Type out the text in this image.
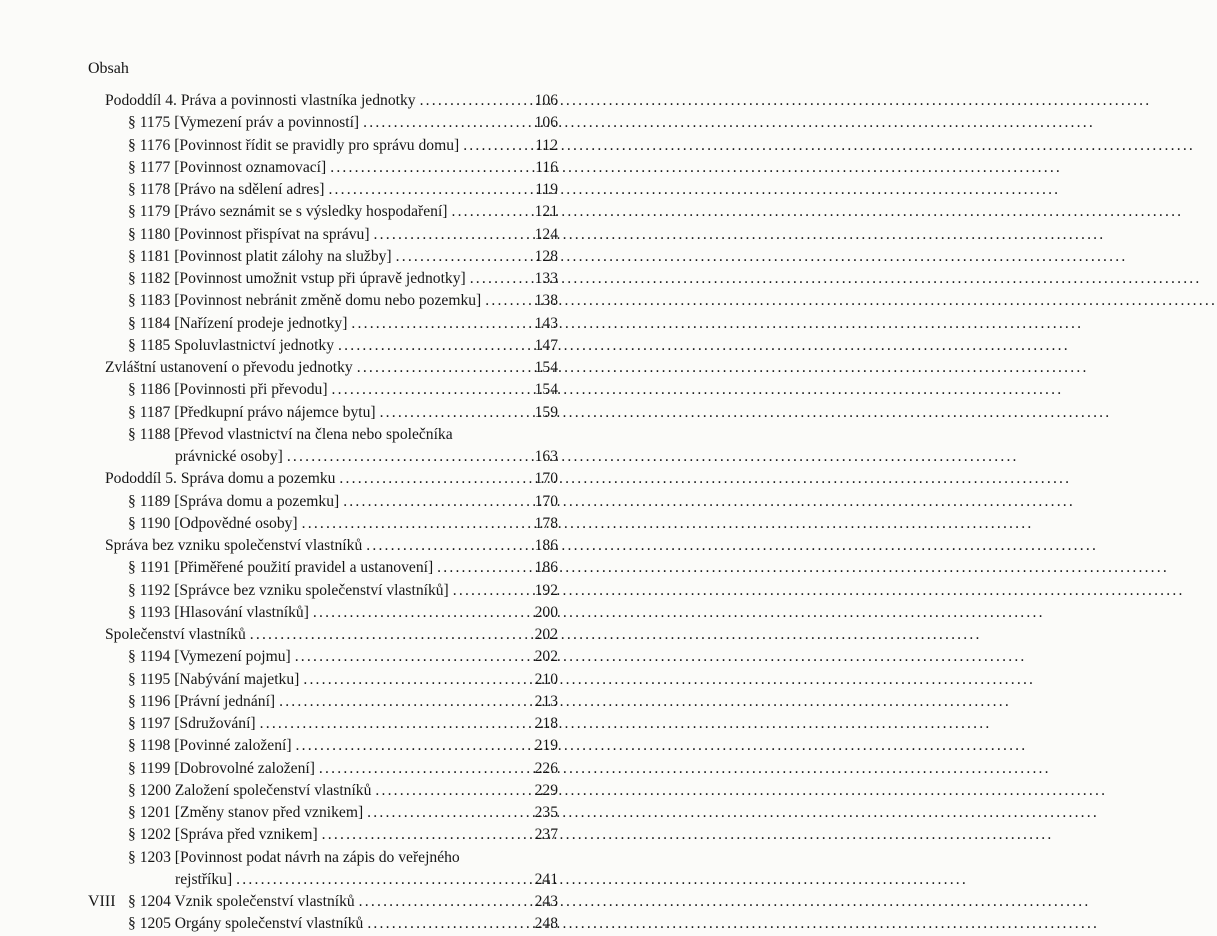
Obsah
Pododdíl 4. Práva a povinnosti vlastníka jednotky .....	106
§ 1175 [Vymezení práv a povinností] .....	106
§ 1176 [Povinnost řídit se pravidly pro správu domu] .....	112
§ 1177 [Povinnost oznamovací] .....	116
§ 1178 [Právo na sdělení adres] .....	119
§ 1179 [Právo seznámit se s výsledky hospodaření] .....	121
§ 1180 [Povinnost přispívat na správu] .....	124
§ 1181 [Povinnost platit zálohy na služby] .....	128
§ 1182 [Povinnost umožnit vstup při úpravě jednotky] .....	133
§ 1183 [Povinnost nebránit změně domu nebo pozemku] .....	138
§ 1184 [Nařízení prodeje jednotky] .....	143
§ 1185 Spoluvlastnictví jednotky .....	147
Zvláštní ustanovení o převodu jednotky .....	154
§ 1186 [Povinnosti při převodu] .....	154
§ 1187 [Předkupní právo nájemce bytu] .....	159
§ 1188 [Převod vlastnictví na člena nebo společníka
právnické osoby] .....	163
Pododdíl 5. Správa domu a pozemku .....	170
§ 1189 [Správa domu a pozemku] .....	170
§ 1190 [Odpovědné osoby] .....	178
Správa bez vzniku společenství vlastníků .....	186
§ 1191 [Přiměřené použití pravidel a ustanovení] .....	186
§ 1192 [Správce bez vzniku společenství vlastníků] .....	192
§ 1193 [Hlasování vlastníků] .....	200
Společenství vlastníků .....	202
§ 1194 [Vymezení pojmu] .....	202
§ 1195 [Nabývání majetku] .....	210
§ 1196 [Právní jednání] .....	213
§ 1197 [Sdružování] .....	218
§ 1198 [Povinné založení] .....	219
§ 1199 [Dobrovolné založení] .....	226
§ 1200 Založení společenství vlastníků .....	229
§ 1201 [Změny stanov před vznikem] .....	235
§ 1202 [Správa před vznikem] .....	237
§ 1203 [Povinnost podat návrh na zápis do veřejného
rejstříku] .....	241
§ 1204 Vznik společenství vlastníků .....	243
§ 1205 Orgány společenství vlastníků .....	248
VIII
